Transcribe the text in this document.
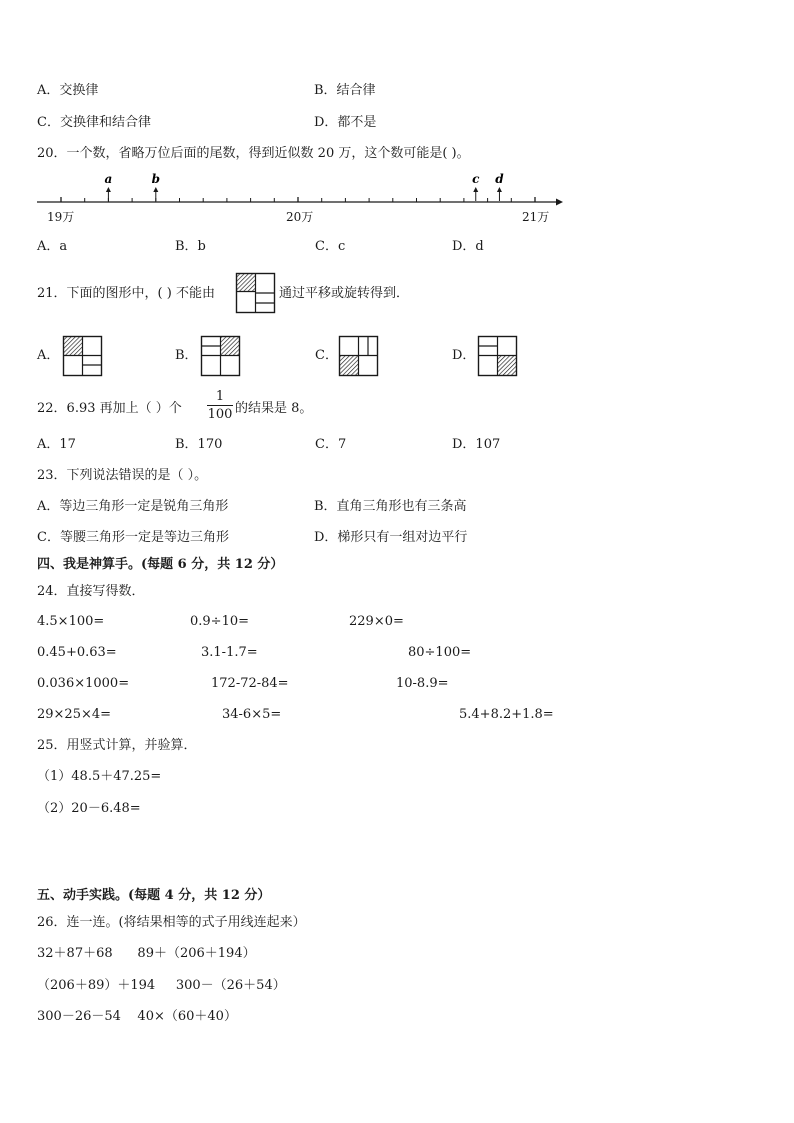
A．交换律	B．结合律
C．交换律和结合律	D．都不是
20．一个数，省略万位后面的尾数，得到近似数 20 万，这个数可能是( )。
a	b	c d
19万	20万	21万
A．a	B．b	C．c	D．d
21．下面的图形中，( ) 不能由	通过平移或旋转得到．
A．	B．	C．	D．
22．6.93 再加上（ ）个
1
100 的结果是 8。
A．17	B．170	C．7	D．107
23．下列说法错误的是（ ）。
A．等边三角形一定是锐角三角形	B．直角三角形也有三条高
C．等腰三角形一定是等边三角形	D．梯形只有一组对边平行
四、我是神算手。(每题 6 分，共 12 分）
24．直接写得数．
4.5×100=	0.9÷10=	229×0=
0.45+0.63=	3.1-1.7=	80÷100=
0.036×1000=	172-72-84=	10-8.9=
29×25×4=	34-6×5=	5.4+8.2+1.8=
25．用竖式计算，并验算．
（1）48.5＋47.25=
（2）20－6.48=
五、动手实践。(每题 4 分，共 12 分）
26．连一连。(将结果相等的式子用线连起来）
32＋87＋68      89＋（206＋194）
（206＋89）＋194     300－（26＋54）
300－26－54    40×（60＋40）
